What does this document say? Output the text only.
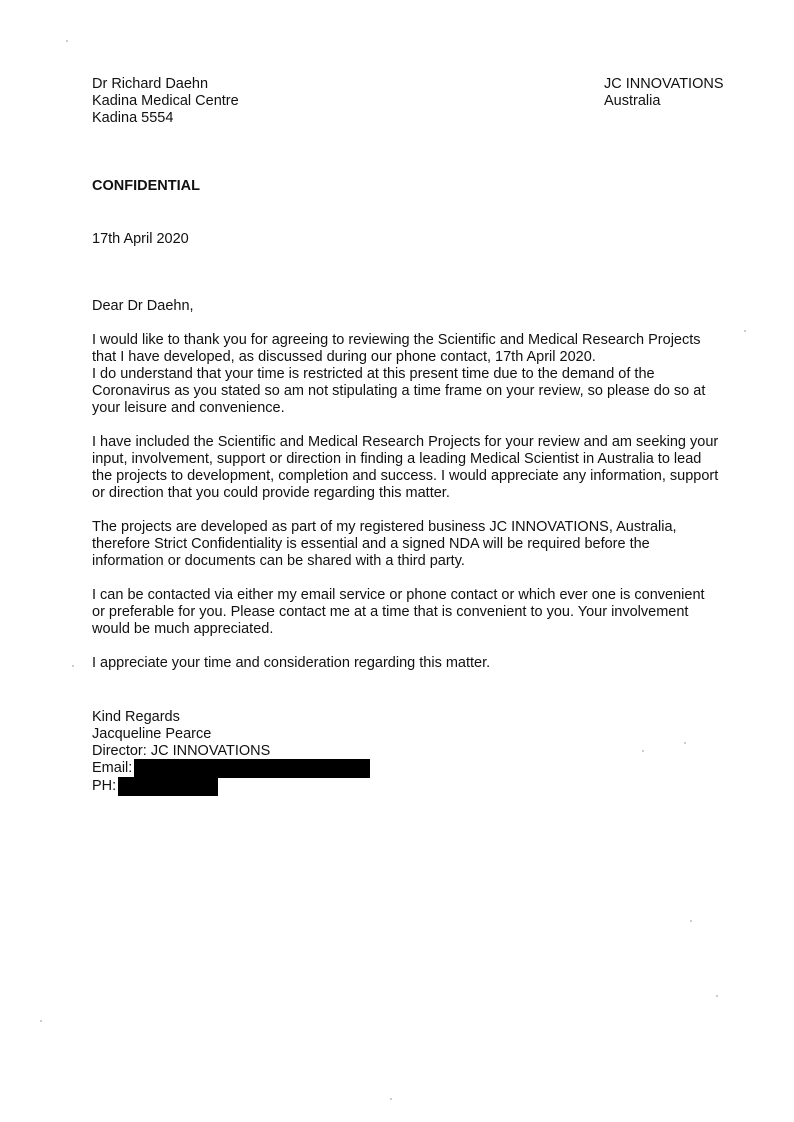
Dr Richard Daehn
Kadina Medical Centre
Kadina 5554
JC INNOVATIONS
Australia
CONFIDENTIAL
17th April 2020
Dear Dr Daehn,
I would like to thank you for agreeing to reviewing the Scientific and Medical Research Projects
that I have developed, as discussed during our phone contact, 17th April 2020.
I do understand that your time is restricted at this present time due to the demand of the
Coronavirus as you stated so am not stipulating a time frame on your review, so please do so at
your leisure and convenience.
I have included the Scientific and Medical Research Projects for your review and am seeking your
input, involvement, support or direction in finding a leading Medical Scientist in Australia to lead
the projects to development, completion and success. I would appreciate any information, support
or direction that you could provide regarding this matter.
The projects are developed as part of my registered business JC INNOVATIONS, Australia,
therefore Strict Confidentiality is essential and a signed NDA will be required before the
information or documents can be shared with a third party.
I can be contacted via either my email service or phone contact or which ever one is convenient
or preferable for you. Please contact me at a time that is convenient to you. Your involvement
would be much appreciated.
I appreciate your time and consideration regarding this matter.
Kind Regards
Jacqueline Pearce
Director: JC INNOVATIONS
Email:
PH:
